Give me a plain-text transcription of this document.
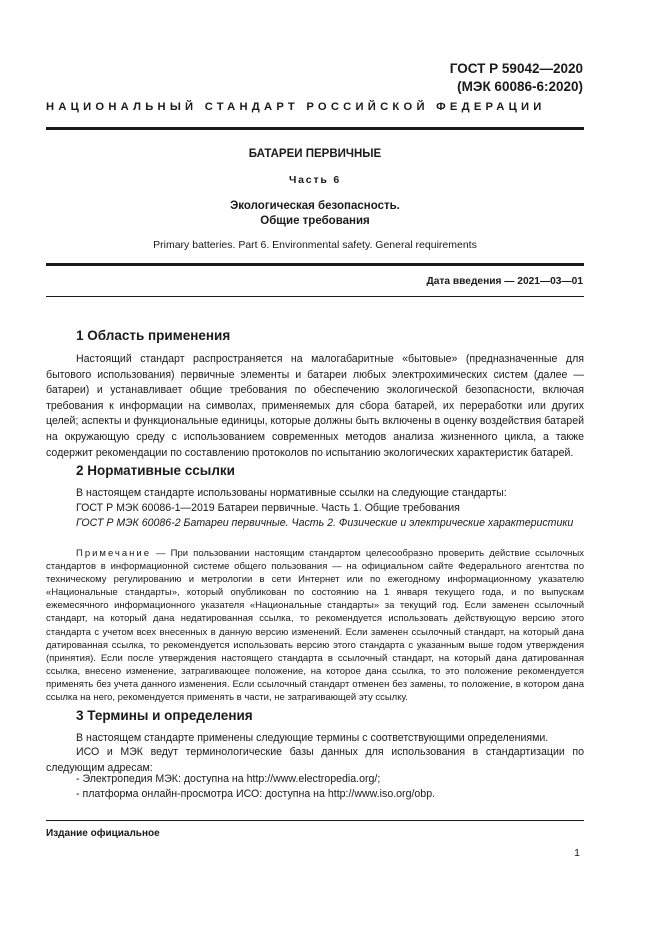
ГОСТ Р 59042—2020
(МЭК 60086-6:2020)
НАЦИОНАЛЬНЫЙ СТАНДАРТ РОССИЙСКОЙ ФЕДЕРАЦИИ
БАТАРЕИ ПЕРВИЧНЫЕ
Часть 6
Экологическая безопасность.
Общие требования
Primary batteries. Part 6. Environmental safety. General requirements
Дата введения — 2021—03—01
1 Область применения
Настоящий стандарт распространяется на малогабаритные «бытовые» (предназначенные для бытового использования) первичные элементы и батареи любых электрохимических систем (далее — батареи) и устанавливает общие требования по обеспечению экологической безопасности, включая требования к информации на символах, применяемых для сбора батарей, их переработки или других целей; аспекты и функциональные единицы, которые должны быть включены в оценку воздействия батарей на окружающую среду с использованием современных методов анализа жизненного цикла, а также содержит рекомендации по составлению протоколов по испытанию экологических характеристик батарей.
2 Нормативные ссылки
В настоящем стандарте использованы нормативные ссылки на следующие стандарты:
ГОСТ Р МЭК 60086-1—2019 Батареи первичные. Часть 1. Общие требования
ГОСТ Р МЭК 60086-2 Батареи первичные. Часть 2. Физические и электрические характеристики
Примечание — При пользовании настоящим стандартом целесообразно проверить действие ссылочных стандартов в информационной системе общего пользования — на официальном сайте Федерального агентства по техническому регулированию и метрологии в сети Интернет или по ежегодному информационному указателю «Национальные стандарты», который опубликован по состоянию на 1 января текущего года, и по выпускам ежемесячного информационного указателя «Национальные стандарты» за текущий год. Если заменен ссылочный стандарт, на который дана недатированная ссылка, то рекомендуется использовать действующую версию этого стандарта с учетом всех внесенных в данную версию изменений. Если заменен ссылочный стандарт, на который дана датированная ссылка, то рекомендуется использовать версию этого стандарта с указанным выше годом утверждения (принятия). Если после утверждения настоящего стандарта в ссылочный стандарт, на который дана датированная ссылка, внесено изменение, затрагивающее положение, на которое дана ссылка, то это положение рекомендуется применять без учета данного изменения. Если ссылочный стандарт отменен без замены, то положение, в котором дана ссылка на него, рекомендуется применять в части, не затрагивающей эту ссылку.
3 Термины и определения
В настоящем стандарте применены следующие термины с соответствующими определениями.
ИСО и МЭК ведут терминологические базы данных для использования в стандартизации по следующим адресам:
- Электропедия МЭК: доступна на http://www.electropedia.org/;
- платформа онлайн-просмотра ИСО: доступна на http://www.iso.org/obp.
Издание официальное
1
